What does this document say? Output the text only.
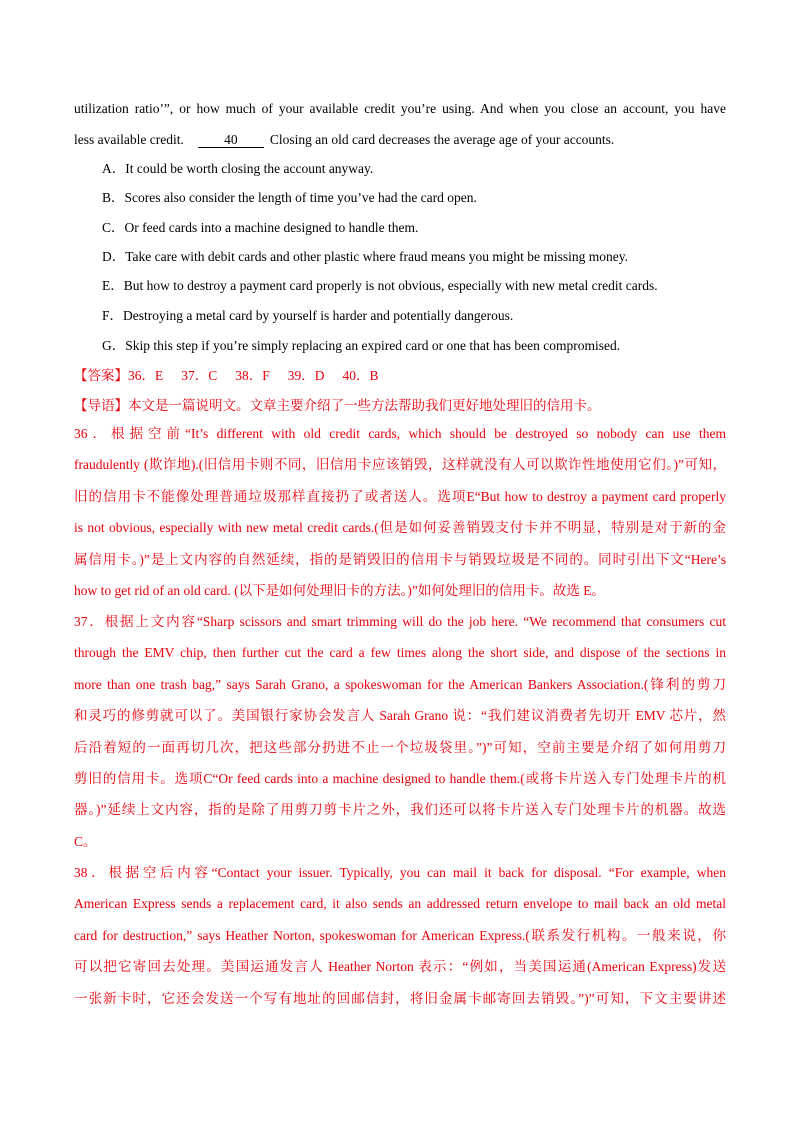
utilization ratio’”, or how much of your available credit you’re using. And when you close an account, you have
less available credit.	40 Closing an old card decreases the average age of your accounts.
A．It could be worth closing the account anyway.
B．Scores also consider the length of time you’ve had the card open.
C．Or feed cards into a machine designed to handle them.
D．Take care with debit cards and other plastic where fraud means you might be missing money.
E．But how to destroy a payment card properly is not obvious, especially with new metal credit cards.
F．Destroying a metal card by yourself is harder and potentially dangerous.
G．Skip this step if you’re simply replacing an expired card or one that has been compromised.
【答案】36．E 37．C 38．F 39．D 40．B
【导语】本文是一篇说明文。文章主要介绍了一些方法帮助我们更好地处理旧的信用卡。
36．根据空前“It’s different with old credit cards, which should be destroyed so nobody can use them
fraudulently (欺诈地).(旧信用卡则不同，旧信用卡应该销毁，这样就没有人可以欺诈性地使用它们。)”可知，
旧的信用卡不能像处理普通垃圾那样直接扔了或者送人。选项E“But how to destroy a payment card properly
is not obvious, especially with new metal credit cards.(但是如何妥善销毁支付卡并不明显，特别是对于新的金
属信用卡。)”是上文内容的自然延续，指的是销毁旧的信用卡与销毁垃圾是不同的。同时引出下文“Here’s
how to get rid of an old card. (以下是如何处理旧卡的方法。)”如何处理旧的信用卡。故选 E。
37．根据上文内容“Sharp scissors and smart trimming will do the job here. “We recommend that consumers cut
through the EMV chip, then further cut the card a few times along the short side, and dispose of the sections in
more than one trash bag,” says Sarah Grano, a spokeswoman for the American Bankers Association.(锋利的剪刀
和灵巧的修剪就可以了。美国银行家协会发言人 Sarah Grano 说：“我们建议消费者先切开 EMV 芯片，然
后沿着短的一面再切几次，把这些部分扔进不止一个垃圾袋里。”)”可知，空前主要是介绍了如何用剪刀
剪旧的信用卡。选项C“Or feed cards into a machine designed to handle them.(或将卡片送入专门处理卡片的机
器。)”延续上文内容，指的是除了用剪刀剪卡片之外，我们还可以将卡片送入专门处理卡片的机器。故选
C。
38．根据空后内容“Contact your issuer. Typically, you can mail it back for disposal. “For example, when
American Express sends a replacement card, it also sends an addressed return envelope to mail back an old metal
card for destruction,” says Heather Norton, spokeswoman for American Express.(联系发行机构。一般来说，你
可以把它寄回去处理。美国运通发言人 Heather Norton 表示：“例如，当美国运通(American Express)发送
一张新卡时，它还会发送一个写有地址的回邮信封，将旧金属卡邮寄回去销毁。”)”可知，下文主要讲述
